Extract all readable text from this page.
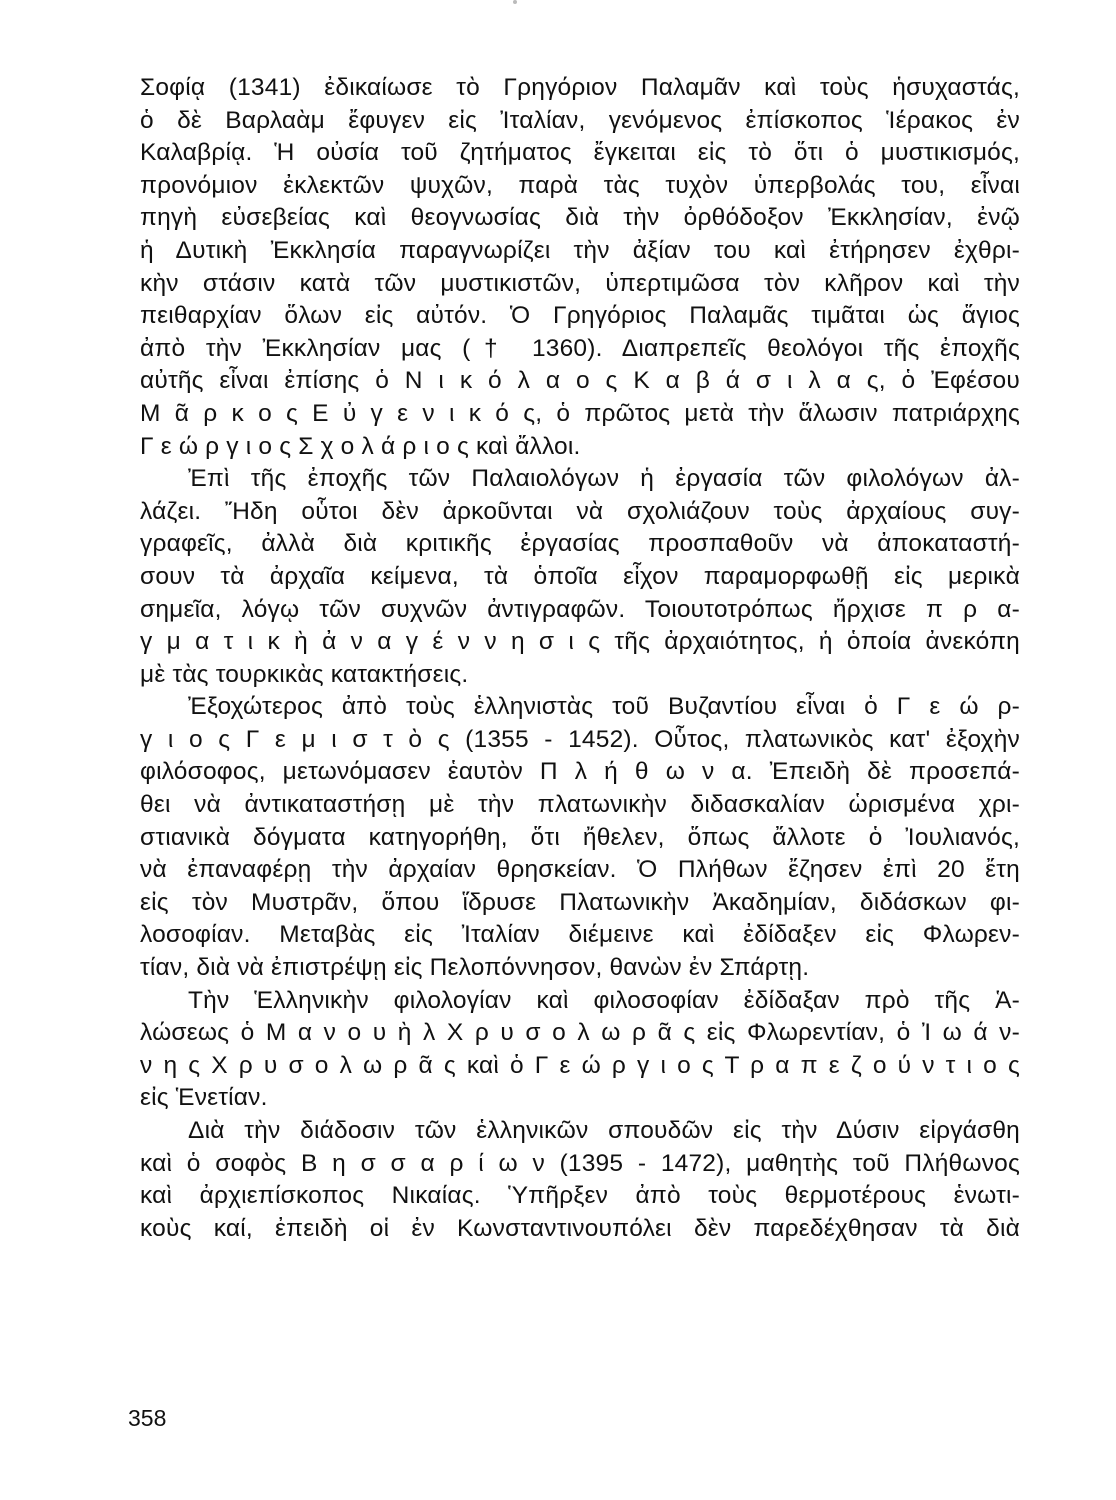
Σοφίᾳ (1341) ἐδικαίωσε τὸ Γρηγόριον Παλαμᾶν καὶ τοὺς ἡσυχαστάς,
ὁ δὲ Βαρλαὰμ ἔφυγεν εἰς Ἰταλίαν, γενόμενος ἐπίσκοπος Ἱέρακος ἐν
Καλαβρίᾳ. Ἡ οὐσία τοῦ ζητήματος ἔγκειται εἰς τὸ ὅτι ὁ μυστικισμός,
προνόμιον ἐκλεκτῶν ψυχῶν, παρὰ τὰς τυχὸν ὑπερβολάς του, εἶναι
πηγὴ εὐσεβείας καὶ θεογνωσίας διὰ τὴν ὀρθόδοξον Ἐκκλησίαν, ἐνῷ
ἡ Δυτικὴ Ἐκκλησία παραγνωρίζει τὴν ἀξίαν του καὶ ἐτήρησεν ἐχθρι-
κὴν στάσιν κατὰ τῶν μυστικιστῶν, ὑπερτιμῶσα τὸν κλῆρον καὶ τὴν
πειθαρχίαν ὅλων εἰς αὐτόν. Ὁ Γρηγόριος Παλαμᾶς τιμᾶται ὡς ἅγιος
ἀπὸ τὴν Ἐκκλησίαν μας († 1360). Διαπρεπεῖς θεολόγοι τῆς ἐποχῆς
αὐτῆς εἶναι ἐπίσης ὁ Ν ι κ ό λ α ο ς Κ α β ά σ ι λ α ς, ὁ Ἐφέσου
Μ ᾶ ρ κ ο ς Ε ὐ γ ε ν ι κ ό ς, ὁ πρῶτος μετὰ τὴν ἅλωσιν πατριάρχης
Γ ε ώ ρ γ ι ο ς Σ χ ο λ ά ρ ι ο ς καὶ ἄλλοι.
Ἐπὶ τῆς ἐποχῆς τῶν Παλαιολόγων ἡ ἐργασία τῶν φιλολόγων ἀλ-
λάζει. Ἤδη οὗτοι δὲν ἀρκοῦνται νὰ σχολιάζουν τοὺς ἀρχαίους συγ-
γραφεῖς, ἀλλὰ διὰ κριτικῆς ἐργασίας προσπαθοῦν νὰ ἀποκαταστή-
σουν τὰ ἀρχαῖα κείμενα, τὰ ὁποῖα εἶχον παραμορφωθῇ εἰς μερικὰ
σημεῖα, λόγῳ τῶν συχνῶν ἀντιγραφῶν. Τοιουτοτρόπως ἤρχισε π ρ α-
γ μ α τ ι κ ὴ ἀ ν α γ έ ν ν η σ ι ς τῆς ἀρχαιότητος, ἡ ὁποία ἀνεκόπη
μὲ τὰς τουρκικὰς κατακτήσεις.
Ἐξοχώτερος ἀπὸ τοὺς ἑλληνιστὰς τοῦ Βυζαντίου εἶναι ὁ Γ ε ώ ρ-
γ ι ο ς Γ ε μ ι σ τ ὸ ς (1355 - 1452). Οὗτος, πλατωνικὸς κατ' ἐξοχὴν
φιλόσοφος, μετωνόμασεν ἑαυτὸν Π λ ή θ ω ν α. Ἐπειδὴ δὲ προσεπά-
θει νὰ ἀντικαταστήσῃ μὲ τὴν πλατωνικὴν διδασκαλίαν ὡρισμένα χρι-
στιανικὰ δόγματα κατηγορήθη, ὅτι ἤθελεν, ὅπως ἄλλοτε ὁ Ἰουλιανός,
νὰ ἐπαναφέρῃ τὴν ἀρχαίαν θρησκείαν. Ὁ Πλήθων ἔζησεν ἐπὶ 20 ἔτη
εἰς τὸν Μυστρᾶν, ὅπου ἵδρυσε Πλατωνικὴν Ἀκαδημίαν, διδάσκων φι-
λοσοφίαν. Μεταβὰς εἰς Ἰταλίαν διέμεινε καὶ ἐδίδαξεν εἰς Φλωρεν-
τίαν, διὰ νὰ ἐπιστρέψῃ εἰς Πελοπόννησον, θανὼν ἐν Σπάρτῃ.
Τὴν Ἑλληνικὴν φιλολογίαν καὶ φιλοσοφίαν ἐδίδαξαν πρὸ τῆς Ἁ-
λώσεως ὁ Μ α ν ο υ ὴ λ Χ ρ υ σ ο λ ω ρ ᾶ ς εἰς Φλωρεντίαν, ὁ Ἰ ω ά ν-
ν η ς Χ ρ υ σ ο λ ω ρ ᾶ ς καὶ ὁ Γ ε ώ ρ γ ι ο ς Τ ρ α π ε ζ ο ύ ν τ ι ο ς
εἰς Ἑνετίαν.
Διὰ τὴν διάδοσιν τῶν ἑλληνικῶν σπουδῶν εἰς τὴν Δύσιν εἰργάσθη
καὶ ὁ σοφὸς Β η σ σ α ρ ί ω ν (1395 - 1472), μαθητὴς τοῦ Πλήθωνος
καὶ ἀρχιεπίσκοπος Νικαίας. Ὑπῆρξεν ἀπὸ τοὺς θερμοτέρους ἑνωτι-
κοὺς καί, ἐπειδὴ οἱ ἐν Κωνσταντινουπόλει δὲν παρεδέχθησαν τὰ διὰ
358
